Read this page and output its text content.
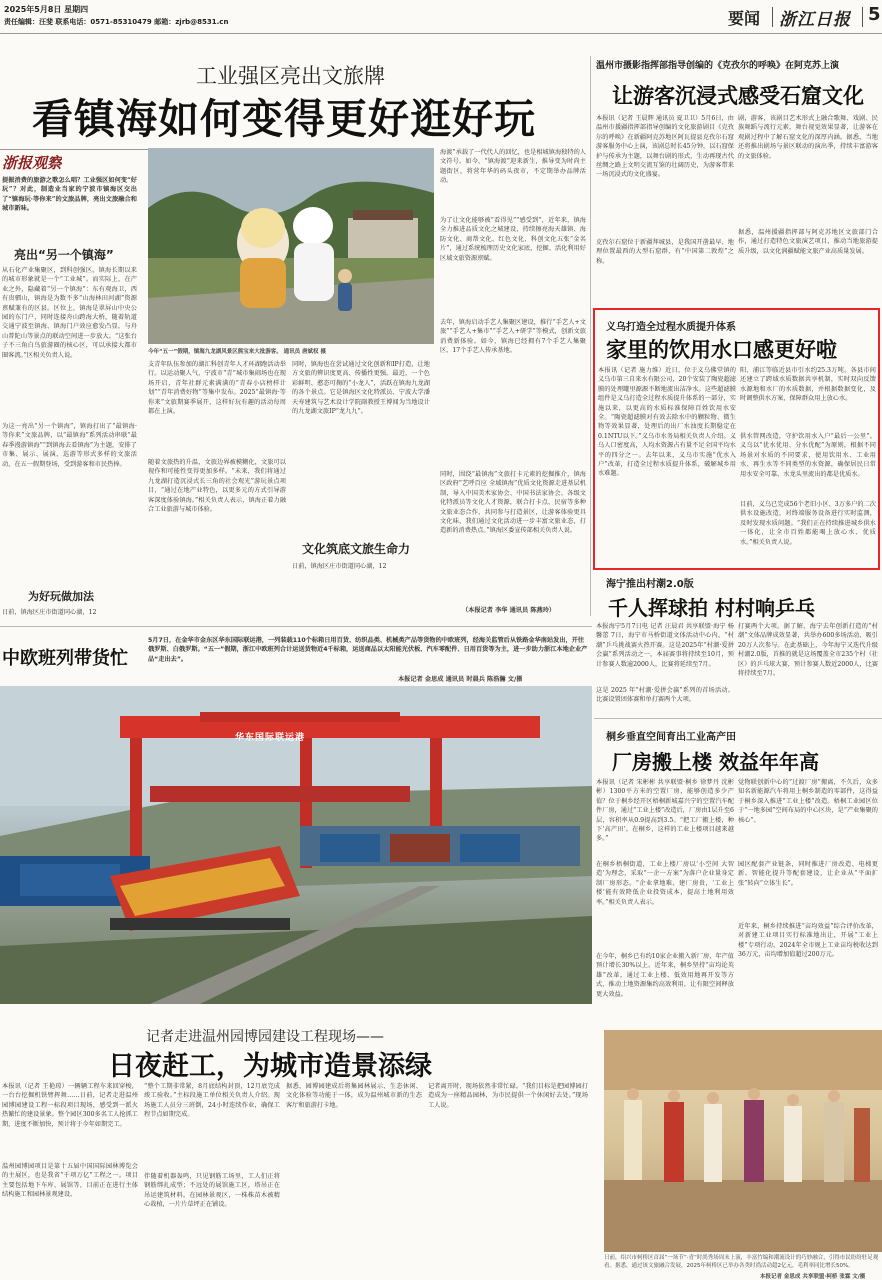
2025年5月8日 星期四
责任编辑：汪斐 联系电话：0571-85310479 邮箱：zjrb@8531.cn	要闻 浙江日报 5
工业强区亮出文旅牌
看镇海如何变得更好逛好玩
浙报观察
提振消费的旅游之歌怎么唱？工业强区如何变“好玩”？对此，制造业当家的宁波市镇海区交出了“镇海玩·等你来”的文旅品牌，亮出文旅融合和城市新味。
亮出“另一个镇海”
从石化产业集聚区，到科创强区，镇海长期以来的城市形象就是一个“工业城”。而实际上，在产业之外，隐藏着“另一个镇海”：东有观海卫，西有贵驷山，镇海是为数不多“山海林田河湖”资源禀赋兼有的区县。区位上，镇海是翠屏山中央公园的东门户，同时连接舟山跨海大桥，随着轨道交通宁波至镇海、镇海门户效应愈发凸显，与舟山普陀山等景点的联动空间进一步放大。“这张台子不三角白鸟旅游圈的核心区，可以承接大都市圈客流。”区相关负责人说。
为这一亮出“另一个镇海”，镇海打出了“最镇海·等你来”文旅品牌，以“最镇海”系列活动串联“最春季漫游镇海”“到镇海去看镇海”为主题，安排了市集、展示、展演、巡游等形式多样的文旅活动，在五一假期登场，受到游客和市民热捧。
为好玩做加法
日前，镇海区庄市街道同心湖，12
今年“五一”假期，镇海九龙湖风景区熊宝来大批游客。 通讯员 唐斌权 摄
支青年队伍参加的湖汇科创青年人才环湖跑活动举行。以运动聚人气，宁波市“青”城市集闹场也在现场开启，青年社群元素满满的“青春小店榜样计划”“青年消费好物”等集中发布。2025“最镇海·等你来”文旅期赛季展开，这样好玩有趣的活动每周都在上演。
随着文旅热的升温，文旅边界被模糊化，文旅可以视作和可能性变得更加多样。“未来，我们将通过九龙湖打造沉浸式长三角的社会观光”游玩景点项目，“通过在地产业特色，以更多元的方式引导游客深度体验镇海。”相关负责人表示，镇海正着力融合工业旅游与城市体验。
同时，镇海也在尝试通过文化创新和IP打造，让地方文旅的辨识度更高、传播性更强。最近，一个色彩鲜明、憨态可掬的“小龙人”，活跃在镇海九龙湖的各个景点。它是镇海区文化特派员、宁波大学潘天寿建筑与艺术设计学院副教授王博闻为当地设计的九龙湖文旅IP“龙九九”。
文化筑底文旅生命力
日前，镇海区庄市街道同心湖，12
海渡”承载了一代代人的回忆，也是相城镇海独特的人文符号。如今，“镇海渡”迎来新生，推导变为时尚主题街区，将营年华的码头夜市，不定期举办品牌活动。
为了让文化能够被“看得见”“感受到”，近年来，镇海全力推进品质文化之城建设，持续擦亮海天雄镇、海防文化、商帮文化、红色文化、科创文化五张“金名片”，通过系统梳理历史文化家底，挖掘、活化利用好区域文旅资源禀赋。
去年，镇海启动手艺人集聚区建设，推行“手艺人+文旅”“手艺人+集市”“手艺人+研学”等模式，创新文旅消费新体验。如今，镇海已经拥有7个手艺人集聚区、17个手艺人传承基地。
同时，围绕“最镇海”文旅打卡元素的挖掘推介，镇海区政府“艺呼百应 全域镇海”优质文化资源走进基层机制，导入中国美术家协会、中国书法家协会、各级文化特派员等文化人才资源，联合打卡点、民宿等多种文旅业态合作，共同参与打造景区，让游客体验更具文化味，我们通过文化活动进一步丰富文旅业态，打造新的消费热点。”镇海区委宣传部相关负责人说。
（本报记者 李华 通讯员 陈燕玲）
温州市摄影指挥部指导创编的《克孜尔的呼唤》在阿克苏上演
让游客沉浸式感受石窟文化
本报讯（记者 王晨辉 通讯员 夏卫卫）5月6日，由温州市援疆指挥部指导创编的文化旅游剧目《克孜尔的呼唤》在新疆阿克苏地区阿瓦提县克孜尔石窟游客服务中心上演，该剧总时长45分钟，以石窟保护与传承为主题，以舞台剧的形式，生动再现古代丝绸之路上文明交流互鉴的壮阔历史，为游客带来一场沉浸式的文化盛宴。
克孜尔石窟位于新疆拜城县，是我国开凿最早、地理位置最西的大型石窟群，有“中国第二敦煌”之称。
剧，游客，该剧目艺术形式上融合歌舞、戏剧、民族舞蹈与流行元素，舞台视觉效果显著，让游客在观剧过程中了解石窟文化的深厚内涵。据悉，当地还将推出剧场与景区联动的演出季，持续丰富游客的文旅体验。
据悉，温州援疆指挥部与阿克苏地区文旅部门合作，通过打造特色文旅演艺项目，推动当地旅游提质升级，以文化润疆赋能文旅产业高质量发展。
义乌打造全过程水质提升体系
家里的饮用水口感更好啦
本报讯（记者 施力维）近日，位于义乌佛堂镇的义乌市第三自来水有限公司，20个安装了陶瓷超滤膜的处理罐里源源不断地流出洁净水。这些超滤膜组件是义乌打造全过程水质提升体系的一部分，实施以来，以更高的水质标准保障百姓饮用水安全。“陶瓷超滤膜对有效去除水中的颗粒物、微生物等效果显著，处理后的出厂水浊度长期稳定在0.1NTU以下。”义乌市水务局相关负责人介绍。义乌人口密度高，人均水资源占有量不足全国平均水平的四分之一。去年以来，义乌市实施“优水入户”改革，打造全过程水质提升体系，破解城乡用水难题。
阳、浦江等临近县市引水约25.3万吨。各县市间还建立了跨域水质数据共享机制，实时双向反馈水源地和水厂的水质数据，并根据数据变化，及时调整供水方案，保障群众用上放心水。
供水管网改造，守护饮用水入户“最后一公里”。义乌以“优水优用、分水优配”为原则，根据不同场景对水质的不同要求，使用饮用水、工业用水、再生水等不同类型的水资源，确保居民日常用水安全可靠，水龙头里流出的都是优质水。
目前，义乌已完成56个老旧小区、3万多户的二次供水设施改造，对终端服务设备进行实时监测，及时发现水质问题。“我们正在持续推进城乡供水一体化，让全市百姓都能喝上放心水、优质水。”相关负责人说。
海宁推出村潮2.0版
千人挥球拍 村村响乒乓
本报海宁5月7日电 记者 汪晨君 共享联盟·海宁 杨馨蕾 7日，海宁市马桥街道文体活动中心内，“村潮”乒乓挑战赛火热开赛。这是2025年“村潮·爱拼会赢”系列活动之一，本届赛事将持续至10月，预计参赛人数逾2000人，比赛将延续至7月。
这是 2025 年“村潮·爱拼会赢”系列的首场活动。比赛设置团体赛和单打赛两个大项。
打赛两个大项。据了解，海宁去年创新打造的“村潮”文体品牌成效显著，共举办600多场活动，吸引20万人次参与。在此基础上，今年海宁又迭代升级村潮2.0版，首推的就是这场覆盖全市235个村（社区）的乒乓球大赛，预计参赛人数近2000人，比赛将持续至7月。
中欧班列带货忙
5月7日，在金华市金东区华东国际联运港，一列装载110个标箱日用百货、纺织品类、机械类产品等货物的中欧班列，经海关监管后从铁路金华南站发出，开往俄罗斯、白俄罗斯。“五一”假期，浙江中欧班列合计运送货物近4千标箱，运送商品以太阳能光伏板、汽车零配件、日用百货等为主，进一步助力浙江本地企业产品“走出去”。
本报记者 金思成 通讯员 时晨兵 陈浩瀚 文/摄
华东国际联运港	桐乡垂直空间育出工业高产田
厂房搬上楼 效益年年高
本报讯（记者 宋彬彬 共享联盟·桐乡 徐梦丹 沈彬彬）1300平方米的空置厂房，能够创造多少产值？位于桐乡经开区梧桐新城嘉兴宁的空置汽车配件厂房，通过“工业上楼”改造后，厂房由1层升至6层，容积率从0.9提高到3.5。“把工厂搬上楼，种下‘高产田’。在桐乡，这样的工业上楼项目越来越多。”
在桐乡梧桐街道，工业上楼厂房以‘小空间 大智造’为理念，采取“一企一方案”为落户企业量身定制厂房形态。“企业拿地难、建厂房贵，‘工业上楼’能有效降低企业投资成本，提高土地利用效率。”相关负责人表示。
在今年，桐乡已有约10家企业搬入新厂房，年产值预计增长30%以上。近年来，桐乡坚持“亩均论英雄”改革，通过工业上楼、低效用地再开发等方式，推动土地资源集约高效利用，让有限空间释放更大效益。
觉物联创新中心的“过渡厂房”搬离，不久后，众多知名新能源汽车将用上桐乡制造的零部件，这得益于桐乡深入推进“工业上楼”改造。梧桐工业园区位于“一地多园”空间布局的中心区块，是“产业集聚的核心”。
园区配套产业链条，同时推进厂房改造、电梯更新、智能化提升等配套建设，让企业从“平面扩张”转向“立体生长”。
近年来，桐乡持续推进“亩均效益”综合评价改革，对新建工业项目实行标准地出让，开展“工业上楼”专项行动，2024年全市规上工业亩均税收达到36万元，亩均增加值超过200万元。
记者走进温州园博园建设工程现场——
日夜赶工，为城市造景添绿
本报讯（记者 王艳琼）一辆辆工程车来回穿梭，一台台挖掘机铁臂挥舞……日前，记者走进温州园博园建设工程一标段项目现场，感受到一派火热繁忙的建设景象。整个园区300多名工人抢抓工期，进度不断加快，预计将于今年如期完工。
温州园博园项目是第十五届中国国际园林博览会的主展区，也是我省“千项万亿”工程之一。项目主要包括地下车库、展馆等，目前正在进行主体结构施工和园林景观建设。
“整个工期非常紧，8月底结构封顶，12月底完成竣工验收。”主标段施工单位相关负责人介绍。现场施工人员分三班倒，24小时连续作业，确保工程节点如期完成。
伴随着机器轰鸣，只见钢筋工场里，工人们正将钢筋绑扎成型；不远处的展馆施工区，塔吊正在吊运建筑材料。在园林景观区，一株株苗木被精心栽植，一片片草坪正在铺设。
据悉，园博园建成后将集园林展示、生态休闲、文化体验等功能于一体，成为温州城市新的生态客厅和旅游打卡地。
记者离开时，现场依然非常忙碌。“我们目标是把园博园打造成为一座精品园林，为市民提供一个休闲好去处。”现场工人说。
日前，绍兴市柯桥区首届“一场节”·青“时尚秀场周末上演，丰富竹编和潮流设计的巧妙融合，引得市民纷纷驻足观看。据悉，通过该文旅融合发展，2025年柯桥区已举办各类时尚活动超2亿元，毛利率同比增长50%。
本报记者 金思成 共享联盟·柯桥 张霖 文/摄
